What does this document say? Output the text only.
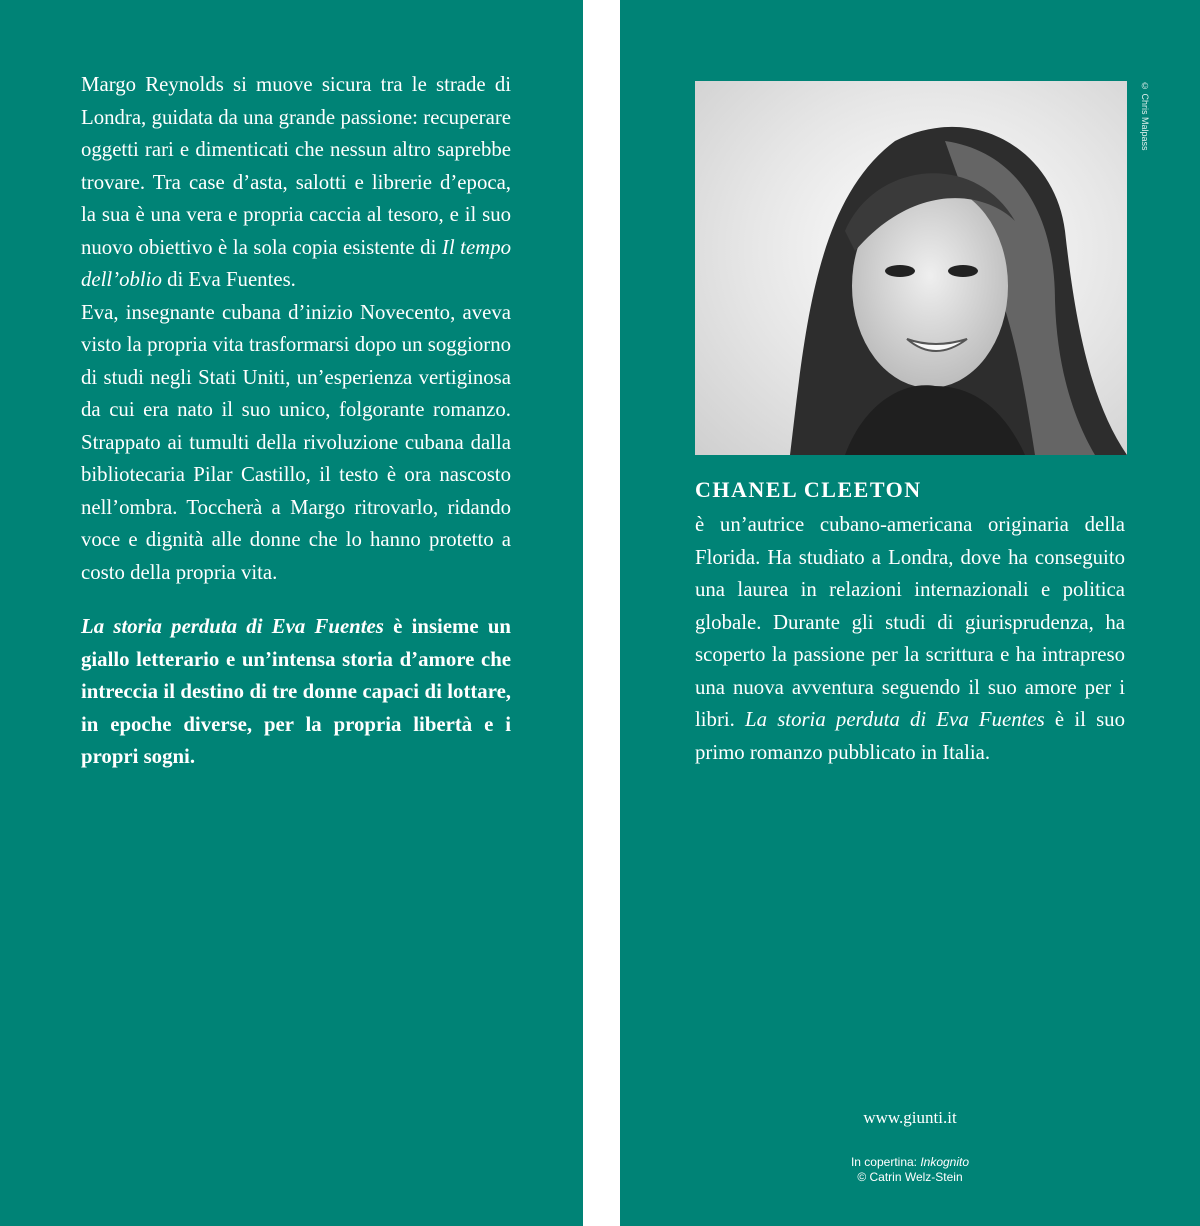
Margo Reynolds si muove sicura tra le strade di Londra, guidata da una grande passione: recuperare oggetti rari e dimenticati che nessun altro saprebbe trovare. Tra case d’asta, salotti e librerie d’epoca, la sua è una vera e propria caccia al tesoro, e il suo nuovo obiettivo è la sola copia esistente di Il tempo dell’oblio di Eva Fuentes.

Eva, insegnante cubana d’inizio Novecento, aveva visto la propria vita trasformarsi dopo un soggiorno di studi negli Stati Uniti, un’esperienza vertiginosa da cui era nato il suo unico, folgorante romanzo. Strappato ai tumulti della rivoluzione cubana dalla bibliotecaria Pilar Castillo, il testo è ora nascosto nell’ombra. Toccherà a Margo ritrovarlo, ridando voce e dignità alle donne che lo hanno protetto a costo della propria vita.

La storia perduta di Eva Fuentes è insieme un giallo letterario e un’intensa storia d’amore che intreccia il destino di tre donne capaci di lottare, in epoche diverse, per la propria libertà e i propri sogni.

© Chris Malpass
CHANEL CLEETON

è un’autrice cubano-americana originaria della Florida. Ha studiato a Londra, dove ha conseguito una laurea in relazioni internazionali e politica globale. Durante gli studi di giurisprudenza, ha scoperto la passione per la scrittura e ha intrapreso una nuova avventura seguendo il suo amore per i libri. La storia perduta di Eva Fuentes è il suo primo romanzo pubblicato in Italia.

www.giunti.it
In copertina: Inkognito
© Catrin Welz-Stein
